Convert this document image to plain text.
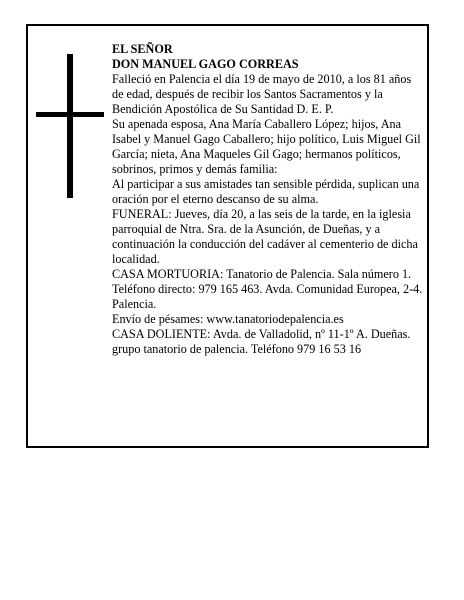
EL SEÑOR

DON MANUEL GAGO CORREAS

Falleció en Palencia el día 19 de mayo de 2010, a los 81 años de edad, después de recibir los Santos Sacramentos y la Bendición Apostólica de Su Santidad D. E. P.

Su apenada esposa, Ana María Caballero López; hijos, Ana Isabel y Manuel Gago Caballero; hijo político, Luis Miguel Gil García; nieta, Ana Maqueles Gil Gago; hermanos políticos, sobrinos, primos y demás familia:

Al participar a sus amistades tan sensible pérdida, suplican una oración por el eterno descanso de su alma.

FUNERAL: Jueves, día 20, a las seis de la tarde, en la iglesia parroquial de Ntra. Sra. de la Asunción, de Dueñas, y a continuación la conducción del cadáver al cementerio de dicha localidad.

CASA MORTUORIA: Tanatorio de Palencia. Sala número 1. Teléfono directo: 979 165 463. Avda. Comunidad Europea, 2-4. Palencia.

Envío de pésames: www.tanatoriodepalencia.es

CASA DOLIENTE: Avda. de Valladolid, nº 11-1º A. Dueñas.

grupo tanatorio de palencia. Teléfono 979 16 53 16
